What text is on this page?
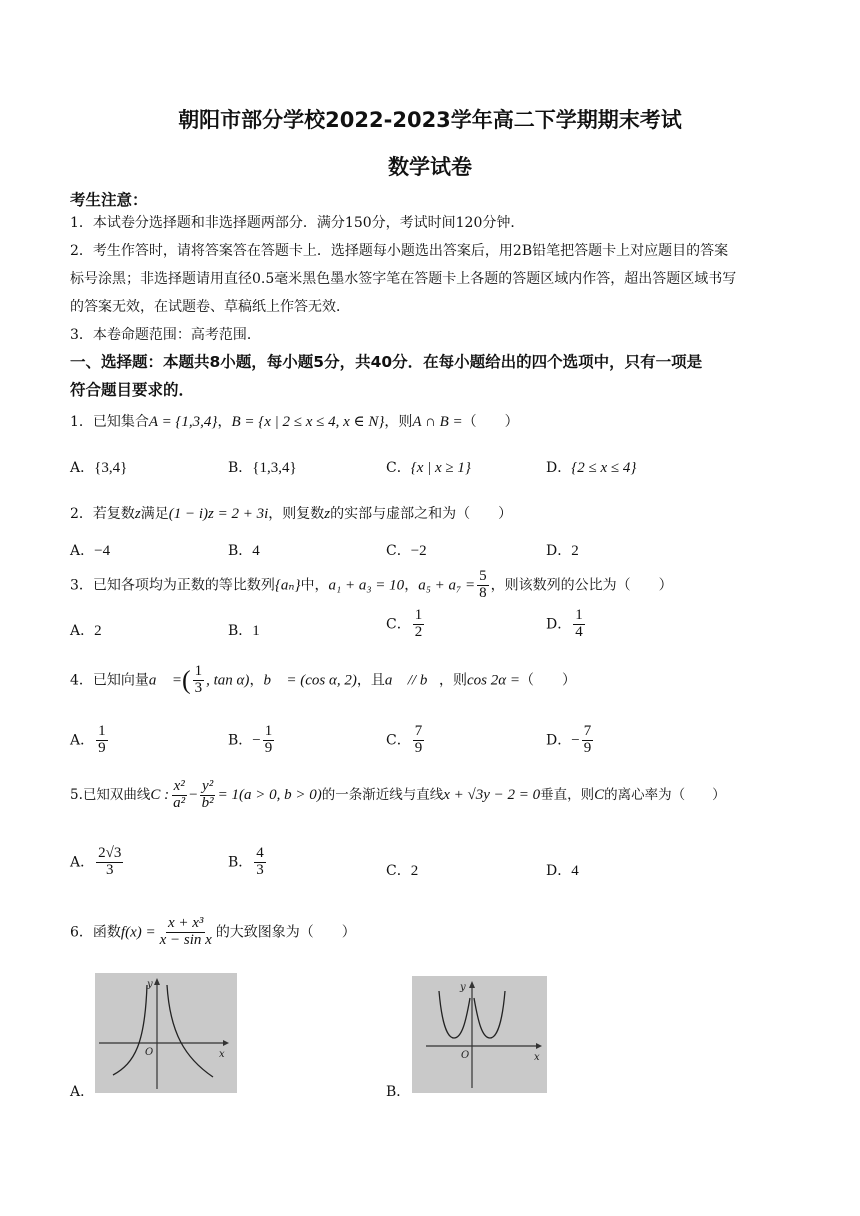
朝阳市部分学校2022-2023学年高二下学期期末考试
数学试卷
考生注意：
1．本试卷分选择题和非选择题两部分．满分150分，考试时间120分钟．
2．考生作答时，请将答案答在答题卡上．选择题每小题选出答案后，用2B铅笔把答题卡上对应题目的答案
标号涂黑；非选择题请用直径0.5毫米黑色墨水签字笔在答题卡上各题的答题区域内作答，超出答题区域书写
的答案无效，在试题卷、草稿纸上作答无效．
3．本卷命题范围：高考范围．
一、选择题：本题共8小题，每小题5分，共40分．在每小题给出的四个选项中，只有一项是
符合题目要求的．
1．已知集合A = {1,3,4}，B = {x | 2 ≤ x ≤ 4, x ∈ N}，则A ∩ B =（　　）
A．{3,4}	B．{1,3,4}	C．{x | x ≥ 1}	D．{2 ≤ x ≤ 4}
2．若复数z满足(1 − i)z = 2 + 3i，则复数z的实部与虚部之和为（　　）
A．−4	B．4	C．−2	D．2
3．已知各项均为正数的等比数列{aₙ}中，a₁ + a₃ = 10，$a_5 + a_7 = \frac{5}{8}$ ，则该数列的公比为（　　）
A．2	B．1	C． $\frac{1}{2}$	D． $\frac{1}{4}$
4．已知向量a⃗ =( $\frac{1}{3}$ , tan α)，b⃗ = (cos α, 2)，且a⃗ // b⃗，则cos 2α =（　　）
A． $\frac{1}{9}$	B．− $\frac{1}{9}$	C． $\frac{7}{9}$	D．− $\frac{7}{9}$
5.已知双曲线C : $\frac{\text{x²}}{\text{a²}} - \frac{\text{y²}}{\text{b²}} = 1(a > 0$, b > 0)的一条渐近线与直线x + √3y − 2 = 0垂直，则C的离心率为（　　）
A． $\frac{2√3}{3}$	B． $\frac{4}{3}$	C．2	D．4
6．函数$f(x) = \frac{\text{x + x³}}{\text{x − sin x}}$ 的大致图象为（　　）
y
x
O
A．
y
x
O
B．
